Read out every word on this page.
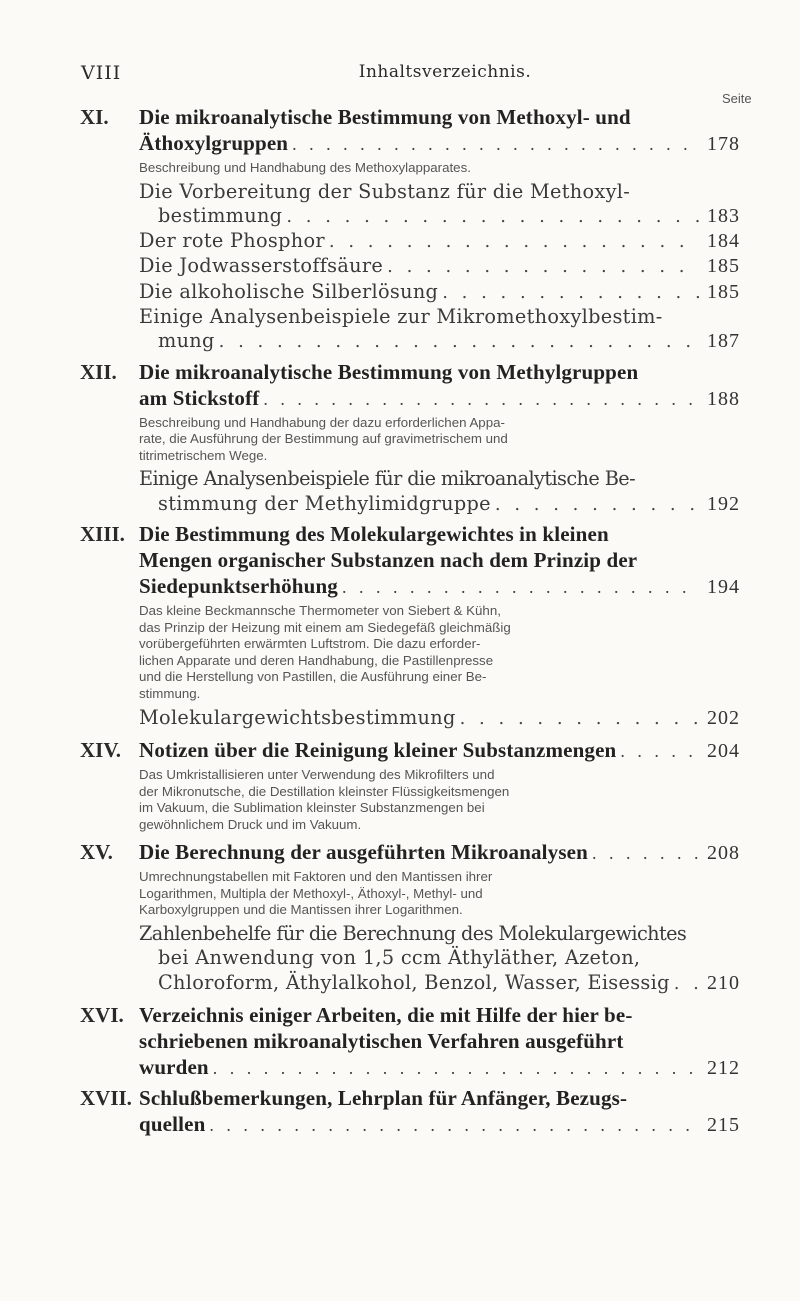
VIII	Inhaltsverzeichnis.
Seite
XI.	Die mikroanalytische Bestimmung von Methoxyl- und
Äthoxylgruppen . . .	178
Beschreibung und Handhabung des Methoxylapparates.
Die Vorbereitung der Substanz für die Methoxyl-
bestimmung . . .	183
Der rote Phosphor . . .	184
Die Jodwasserstoffsäure . . .	185
Die alkoholische Silberlösung . . .	185
Einige Analysenbeispiele zur Mikromethoxylbestim-
mung . . .	187
XII.	Die mikroanalytische Bestimmung von Methylgruppen
am Stickstoff . . .	188
Beschreibung und Handhabung der dazu erforderlichen Appa-
rate, die Ausführung der Bestimmung auf gravimetrischem und
titrimetrischem Wege.
Einige Analysenbeispiele für die mikroanalytische Be-
stimmung der Methylimidgruppe . . .	192
XIII. Die Bestimmung des Molekulargewichtes in kleinen
Mengen organischer Substanzen nach dem Prinzip der
Siedepunktserhöhung . . .	194
Das kleine Beckmannsche Thermometer von Siebert & Kühn,
das Prinzip der Heizung mit einem am Siedegefäß gleichmäßig
vorübergeführten erwärmten Luftstrom. Die dazu erforder-
lichen Apparate und deren Handhabung, die Pastillenpresse
und die Herstellung von Pastillen, die Ausführung einer Be-
stimmung.
Molekulargewichtsbestimmung . . .	202
XIV. Notizen über die Reinigung kleiner Substanzmengen . . .	204
Das Umkristallisieren unter Verwendung des Mikrofilters und
der Mikronutsche, die Destillation kleinster Flüssigkeitsmengen
im Vakuum, die Sublimation kleinster Substanzmengen bei
gewöhnlichem Druck und im Vakuum.
XV.	Die Berechnung der ausgeführten Mikroanalysen . . .	208
Umrechnungstabellen mit Faktoren und den Mantissen ihrer
Logarithmen, Multipla der Methoxyl-, Äthoxyl-, Methyl- und
Karboxylgruppen und die Mantissen ihrer Logarithmen.
Zahlenbehelfe für die Berechnung des Molekulargewichtes
bei Anwendung von 1,5 ccm Äthyläther, Azeton,
Chloroform, Äthylalkohol, Benzol, Wasser, Eisessig . . . 210
XVI. Verzeichnis einiger Arbeiten, die mit Hilfe der hier be-
schriebenen mikroanalytischen Verfahren ausgeführt
wurden . . .	212
XVII. Schlußbemerkungen, Lehrplan für Anfänger, Bezugs-
quellen . . .	215
